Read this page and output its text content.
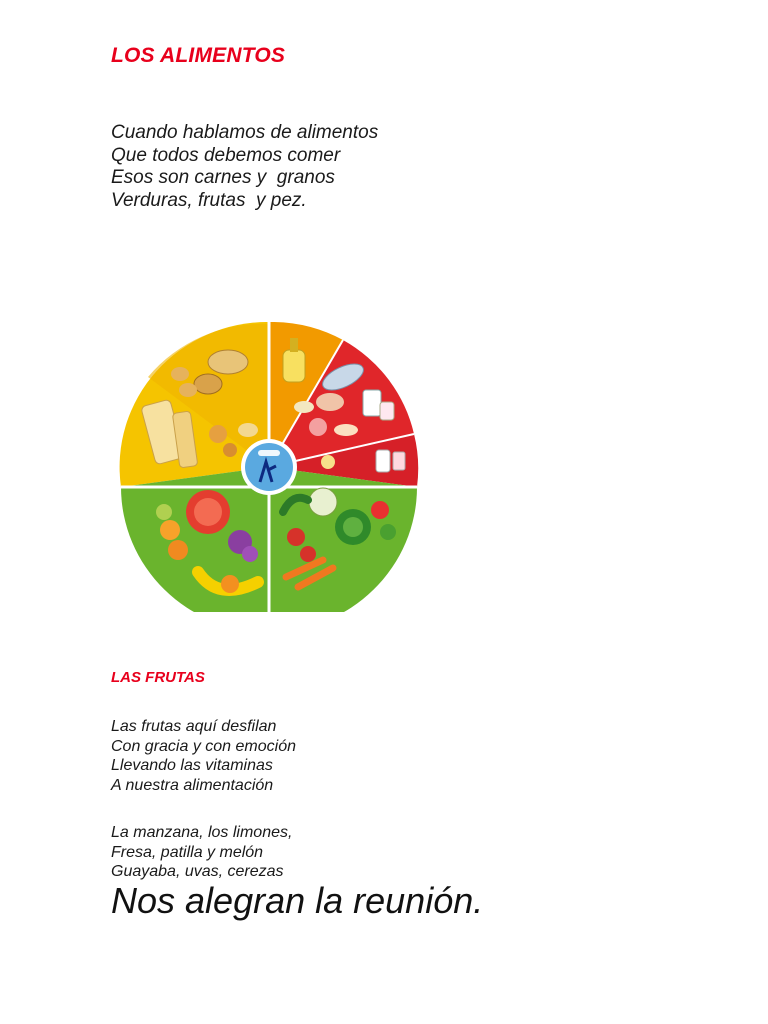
LOS ALIMENTOS
Cuando hablamos de alimentos
Que todos debemos comer
Esos son carnes y  granos
Verduras, frutas  y pez.
LAS FRUTAS
Las frutas aquí desfilan
Con gracia y con emoción
Llevando las vitaminas
A nuestra alimentación
La manzana, los limones,
Fresa, patilla y melón
Guayaba, uvas, cerezas
Nos alegran la reunión.
